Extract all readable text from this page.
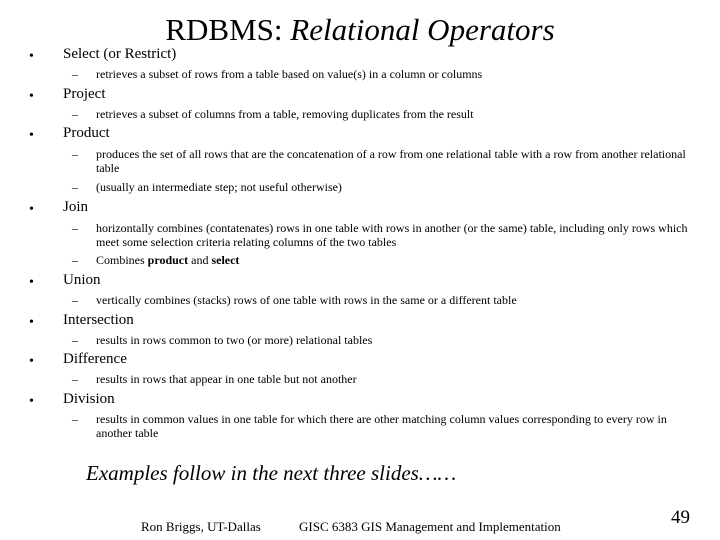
RDBMS: Relational Operators
• Select (or Restrict)
– retrieves a subset of rows from a table based on value(s) in a column or columns
• Project
– retrieves a subset of columns from a table, removing duplicates from the result
• Product
– produces the set of all rows that are the concatenation of a row from one relational table with a row from another relational table
– (usually an intermediate step; not useful otherwise)
• Join
– horizontally combines (contatenates) rows in one table with rows in another (or the same) table, including only rows which meet some selection criteria relating columns of the two tables
– Combines product and select
• Union
– vertically combines (stacks) rows of one table with rows in the same or a different table
• Intersection
– results in rows common to two (or more) relational tables
• Difference
– results in rows that appear in one table but not another
• Division
– results in common values in one table for which there are other matching column values corresponding to every row in another table
Examples follow in the next three slides……
Ron Briggs, UT-Dallas	GISC 6383 GIS Management and Implementation	49
